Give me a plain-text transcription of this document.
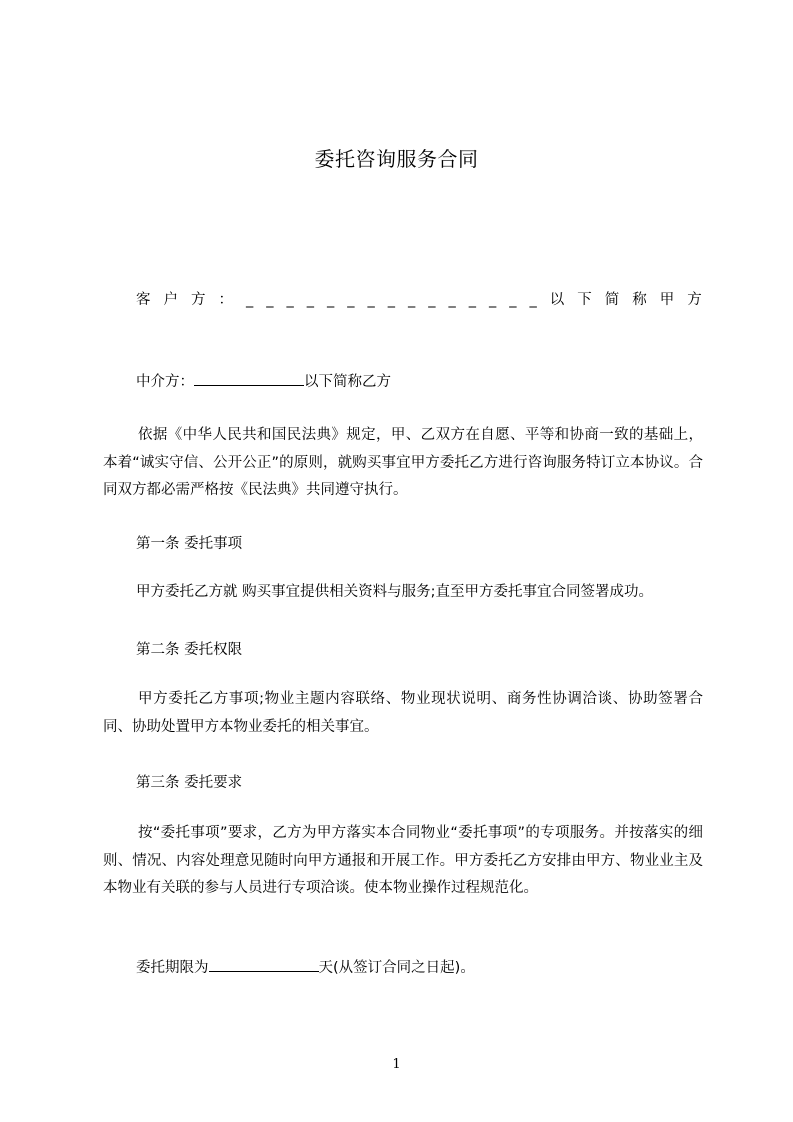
委托咨询服务合同
客 户 方 ： _ _ _ _ _ _ _ _ _ _ _ _ _ _ _ 以 下 简 称 甲 方
中介方：	以下简称乙方
依据《中华人民共和国民法典》规定，甲、乙双方在自愿、平等和协商一致的基础上，本着“诚实守信、公开公正”的原则，就购买事宜甲方委托乙方进行咨询服务特订立本协议。合同双方都必需严格按《民法典》共同遵守执行。
第一条 委托事项
甲方委托乙方就 购买事宜提供相关资料与服务;直至甲方委托事宜合同签署成功。
第二条 委托权限
甲方委托乙方事项;物业主题内容联络、物业现状说明、商务性协调洽谈、协助签署合同、协助处置甲方本物业委托的相关事宜。
第三条 委托要求
按“委托事项”要求，乙方为甲方落实本合同物业“委托事项”的专项服务。并按落实的细则、情况、内容处理意见随时向甲方通报和开展工作。甲方委托乙方安排由甲方、物业业主及本物业有关联的参与人员进行专项洽谈。使本物业操作过程规范化。
委托期限为	天(从签订合同之日起)。
1
